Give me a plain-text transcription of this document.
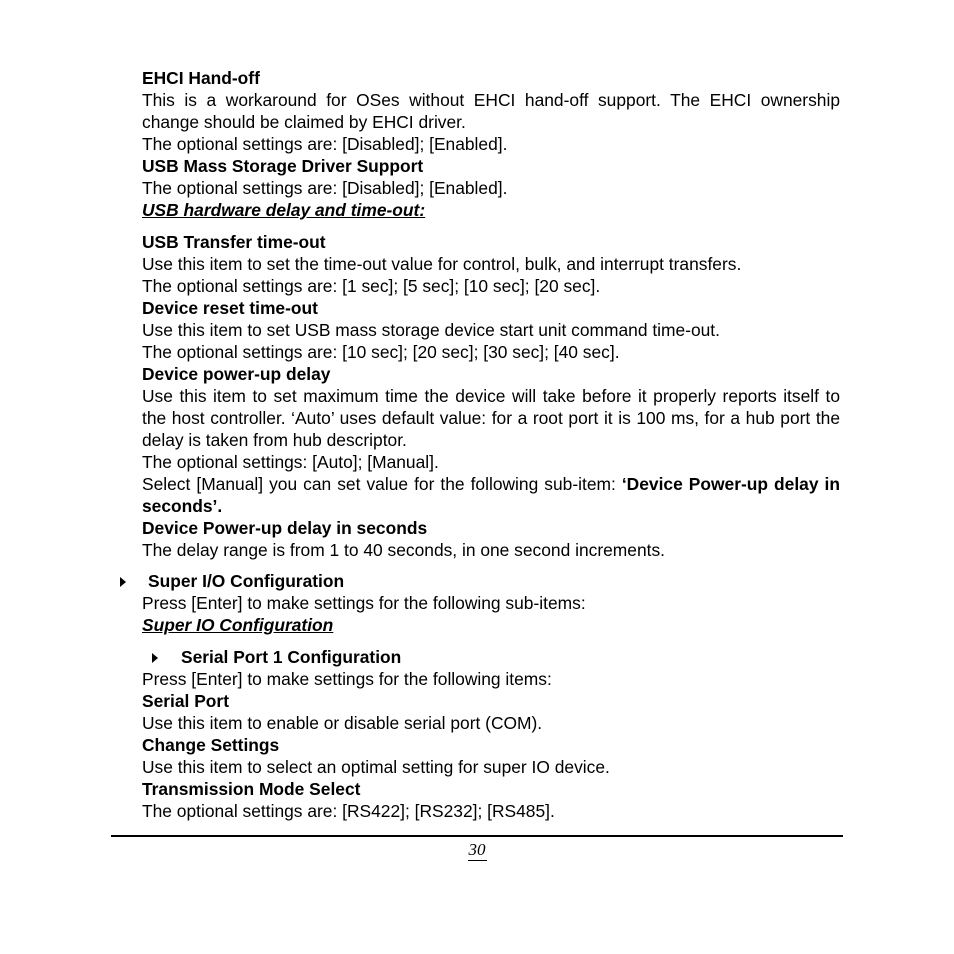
EHCI Hand-off
This is a workaround for OSes without EHCI hand-off support. The EHCI ownership change should be claimed by EHCI driver.
The optional settings are: [Disabled]; [Enabled].
USB Mass Storage Driver Support
The optional settings are: [Disabled]; [Enabled].
USB hardware delay and time-out:
USB Transfer time-out
Use this item to set the time-out value for control, bulk, and interrupt transfers.
The optional settings are: [1 sec]; [5 sec]; [10 sec]; [20 sec].
Device reset time-out
Use this item to set USB mass storage device start unit command time-out.
The optional settings are: [10 sec]; [20 sec]; [30 sec]; [40 sec].
Device power-up delay
Use this item to set maximum time the device will take before it properly reports itself to the host controller. ‘Auto’ uses default value: for a root port it is 100 ms, for a hub port the delay is taken from hub descriptor.
The optional settings: [Auto]; [Manual].
Select [Manual] you can set value for the following sub-item: ‘Device Power-up delay in seconds’.
Device Power-up delay in seconds
The delay range is from 1 to 40 seconds, in one second increments.
Super I/O Configuration
Press [Enter] to make settings for the following sub-items:
Super IO Configuration
Serial Port 1 Configuration
Press [Enter] to make settings for the following items:
Serial Port
Use this item to enable or disable serial port (COM).
Change Settings
Use this item to select an optimal setting for super IO device.
Transmission Mode Select
The optional settings are: [RS422]; [RS232]; [RS485].
30
